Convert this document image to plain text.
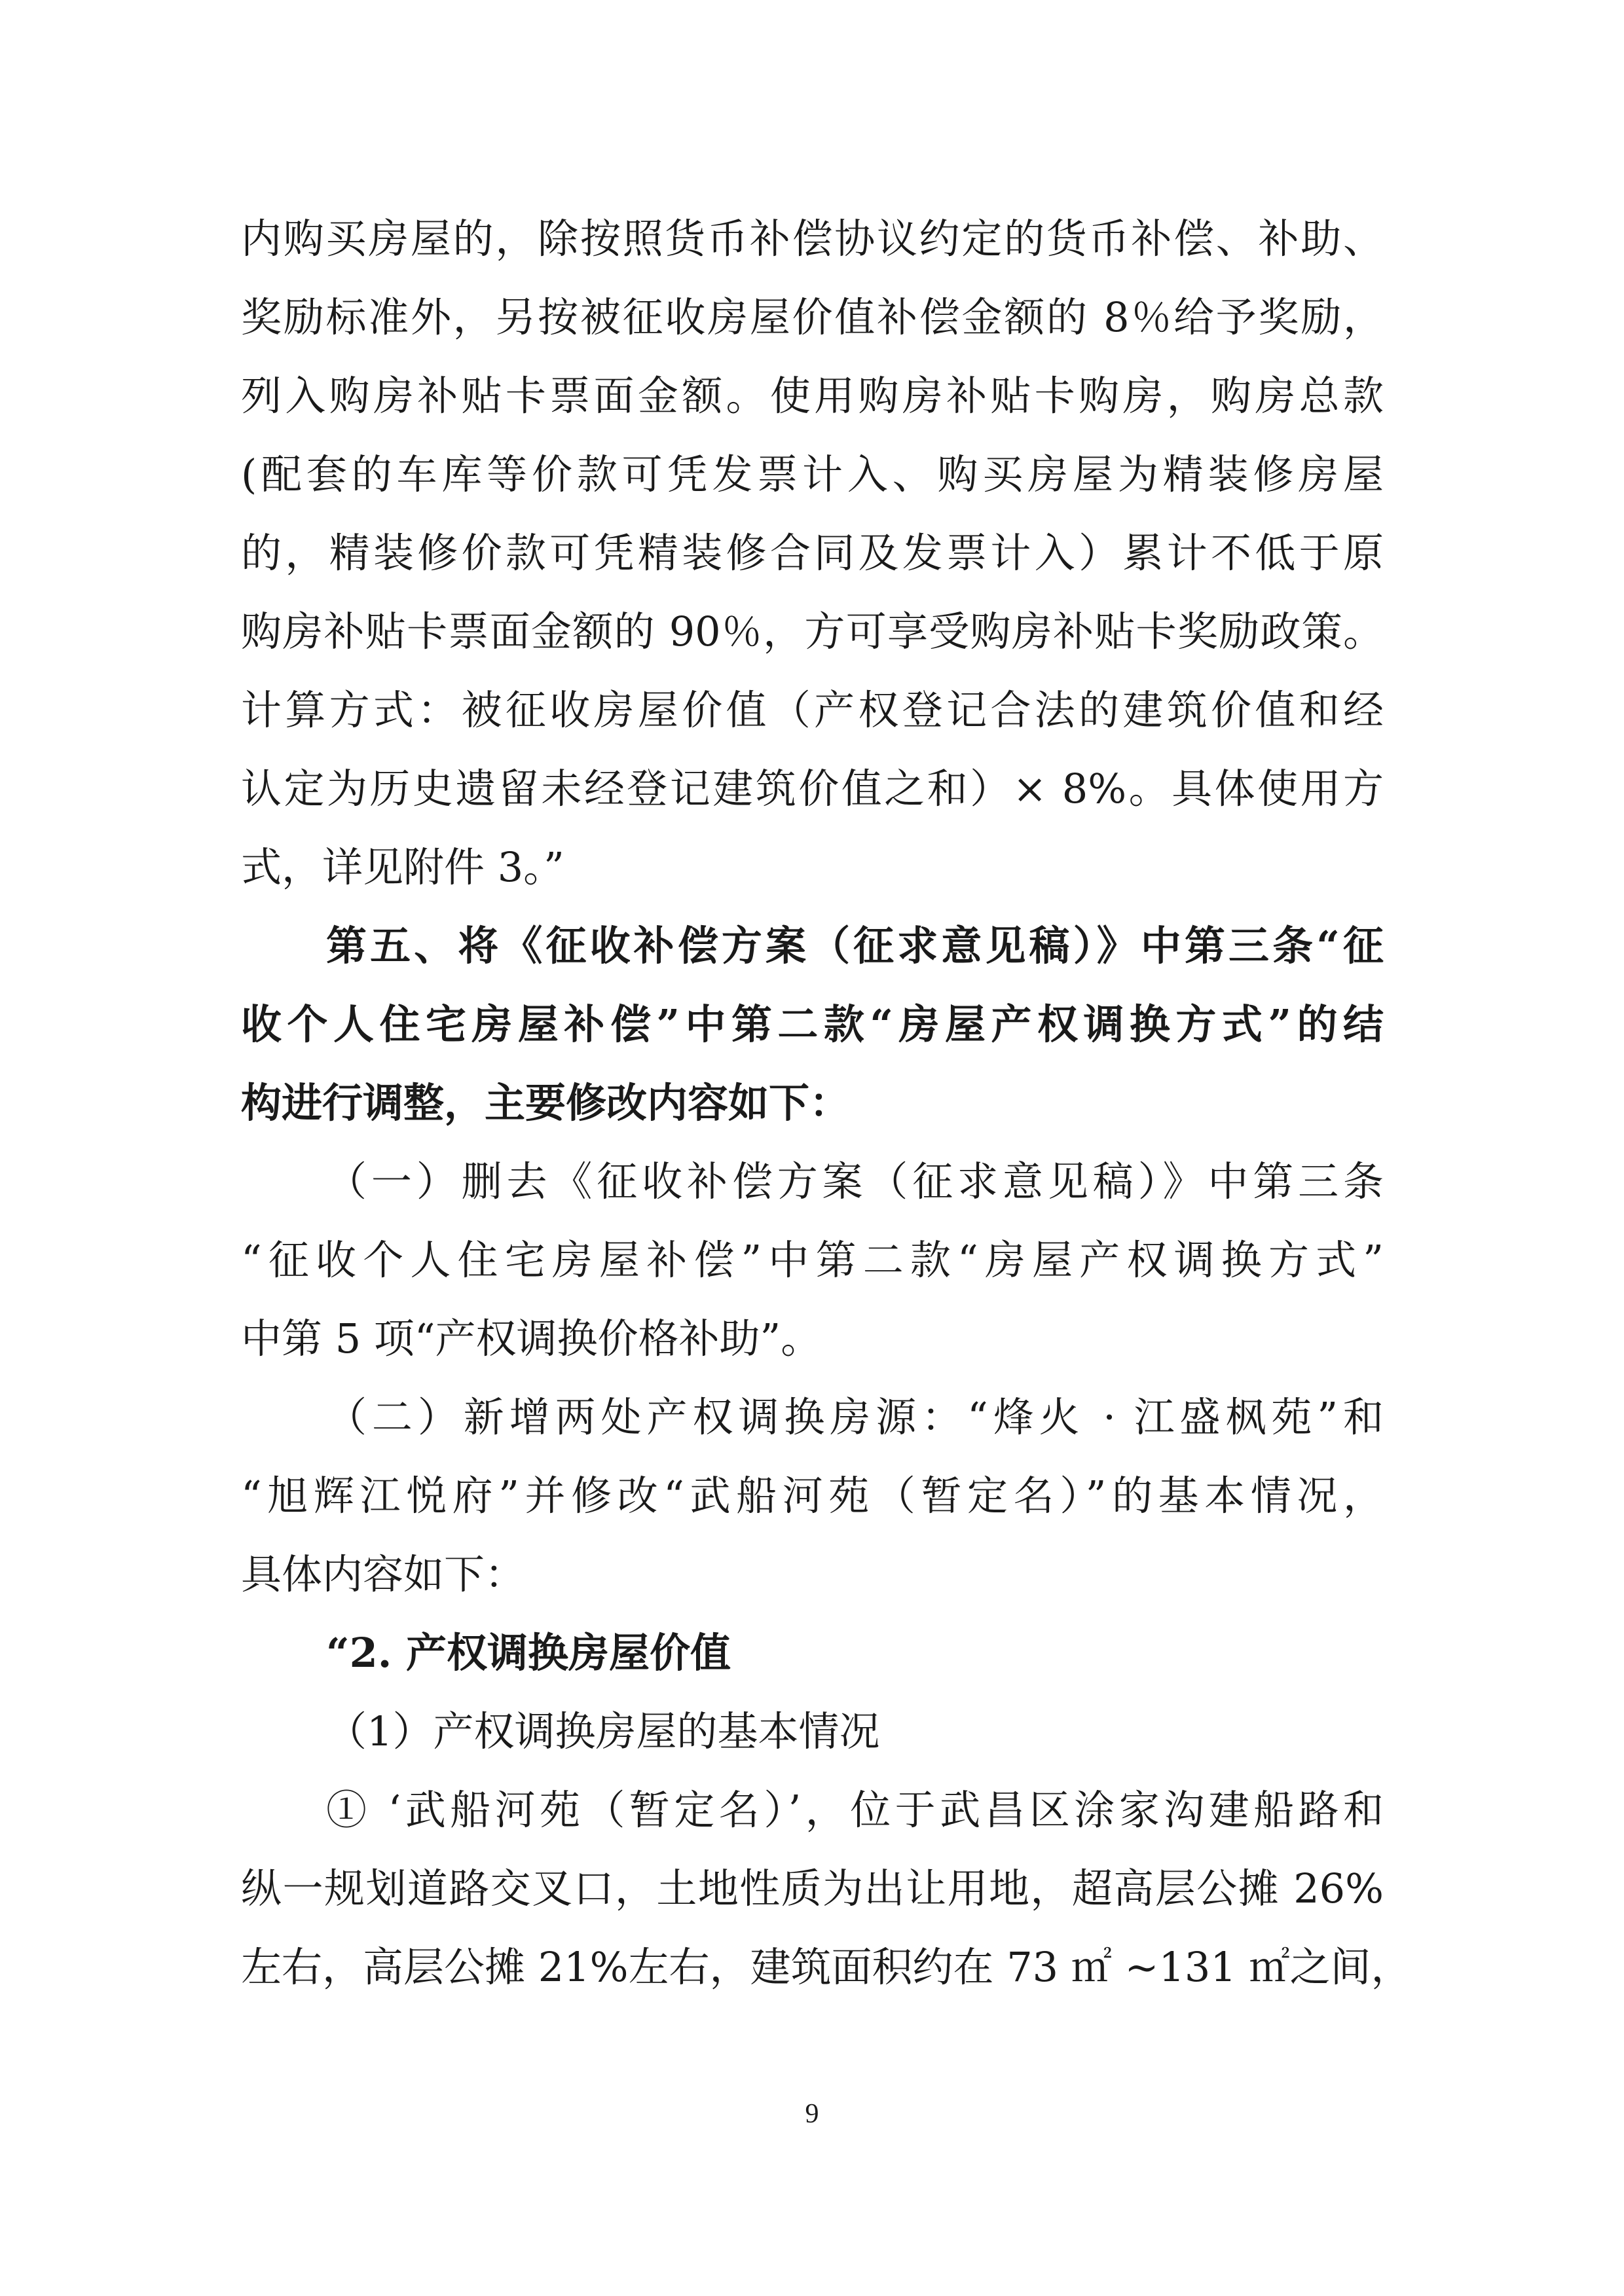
内购买房屋的，除按照货币补偿协议约定的货币补偿、补助、
奖励标准外，另按被征收房屋价值补偿金额的 8％给予奖励，
列入购房补贴卡票面金额。使用购房补贴卡购房，购房总款
(配套的车库等价款可凭发票计入、购买房屋为精装修房屋
的，精装修价款可凭精装修合同及发票计入）累计不低于原
购房补贴卡票面金额的 90％，方可享受购房补贴卡奖励政策。
计算方式：被征收房屋价值（产权登记合法的建筑价值和经
认定为历史遗留未经登记建筑价值之和）× 8%。具体使用方
式，详见附件 3。”
第五、将《征收补偿方案（征求意见稿）》中第三条“征
收个人住宅房屋补偿”中第二款“房屋产权调换方式”的结
构进行调整，主要修改内容如下：
（一）删去《征收补偿方案（征求意见稿）》中第三条
“征收个人住宅房屋补偿”中第二款“房屋产权调换方式”
中第 5 项“产权调换价格补助”。
（二）新增两处产权调换房源：“烽火 · 江盛枫苑”和
“旭辉江悦府”并修改“武船河苑（暂定名）”的基本情况，
具体内容如下：
“2. 产权调换房屋价值
（1）产权调换房屋的基本情况
① ‘武船河苑（暂定名）’，位于武昌区涂家沟建船路和
纵一规划道路交叉口，土地性质为出让用地，超高层公摊 26%
左右，高层公摊 21%左右，建筑面积约在 73 ㎡ ~131 ㎡之间，
9
